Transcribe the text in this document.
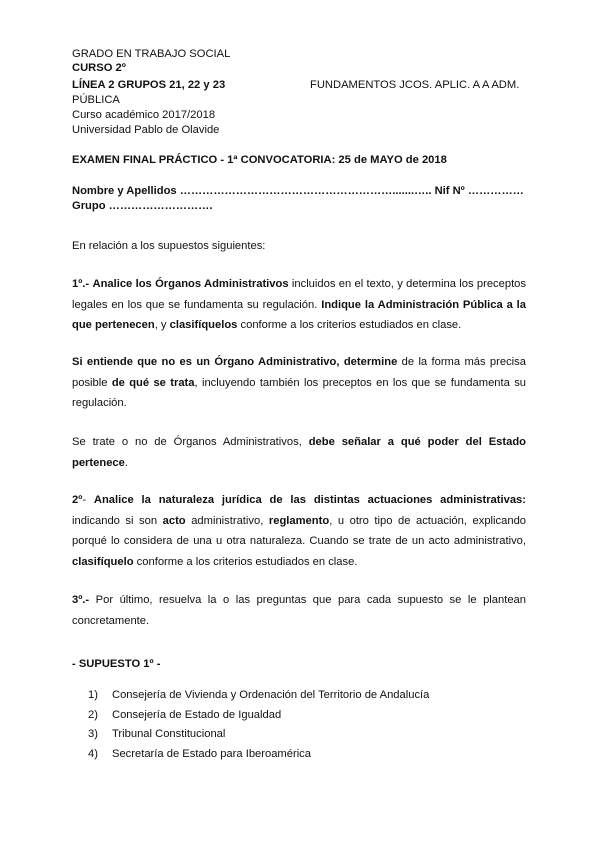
GRADO EN TRABAJO SOCIAL
CURSO 2º
LÍNEA 2 GRUPOS 21, 22 y 23	FUNDAMENTOS JCOS. APLIC. A A ADM.
PÚBLICA
Curso académico 2017/2018
Universidad Pablo de Olavide
EXAMEN FINAL PRÁCTICO - 1ª CONVOCATORIA: 25 de MAYO de 2018
Nombre y Apellidos ………………………………………………….......….. Nif Nº ……………
Grupo ……………………….
En relación a los supuestos siguientes:
1º.- Analice los Órganos Administrativos incluidos en el texto, y determina los preceptos legales en los que se fundamenta su regulación. Indique la Administración Pública a la que pertenecen, y clasifíquelos conforme a los criterios estudiados en clase.
Si entiende que no es un Órgano Administrativo, determine de la forma más precisa posible de qué se trata, incluyendo también los preceptos en los que se fundamenta su regulación.
Se trate o no de Órganos Administrativos, debe señalar a qué poder del Estado pertenece.
2º- Analice la naturaleza jurídica de las distintas actuaciones administrativas: indicando si son acto administrativo, reglamento, u otro tipo de actuación, explicando porqué lo considera de una u otra naturaleza. Cuando se trate de un acto administrativo, clasifíquelo conforme a los criterios estudiados en clase.
3º.- Por último, resuelva la o las preguntas que para cada supuesto se le plantean concretamente.
- SUPUESTO 1º -
1) Consejería de Vivienda y Ordenación del Territorio de Andalucía
2) Consejería de Estado de Igualdad
3) Tribunal Constitucional
4) Secretaría de Estado para Iberoamérica
